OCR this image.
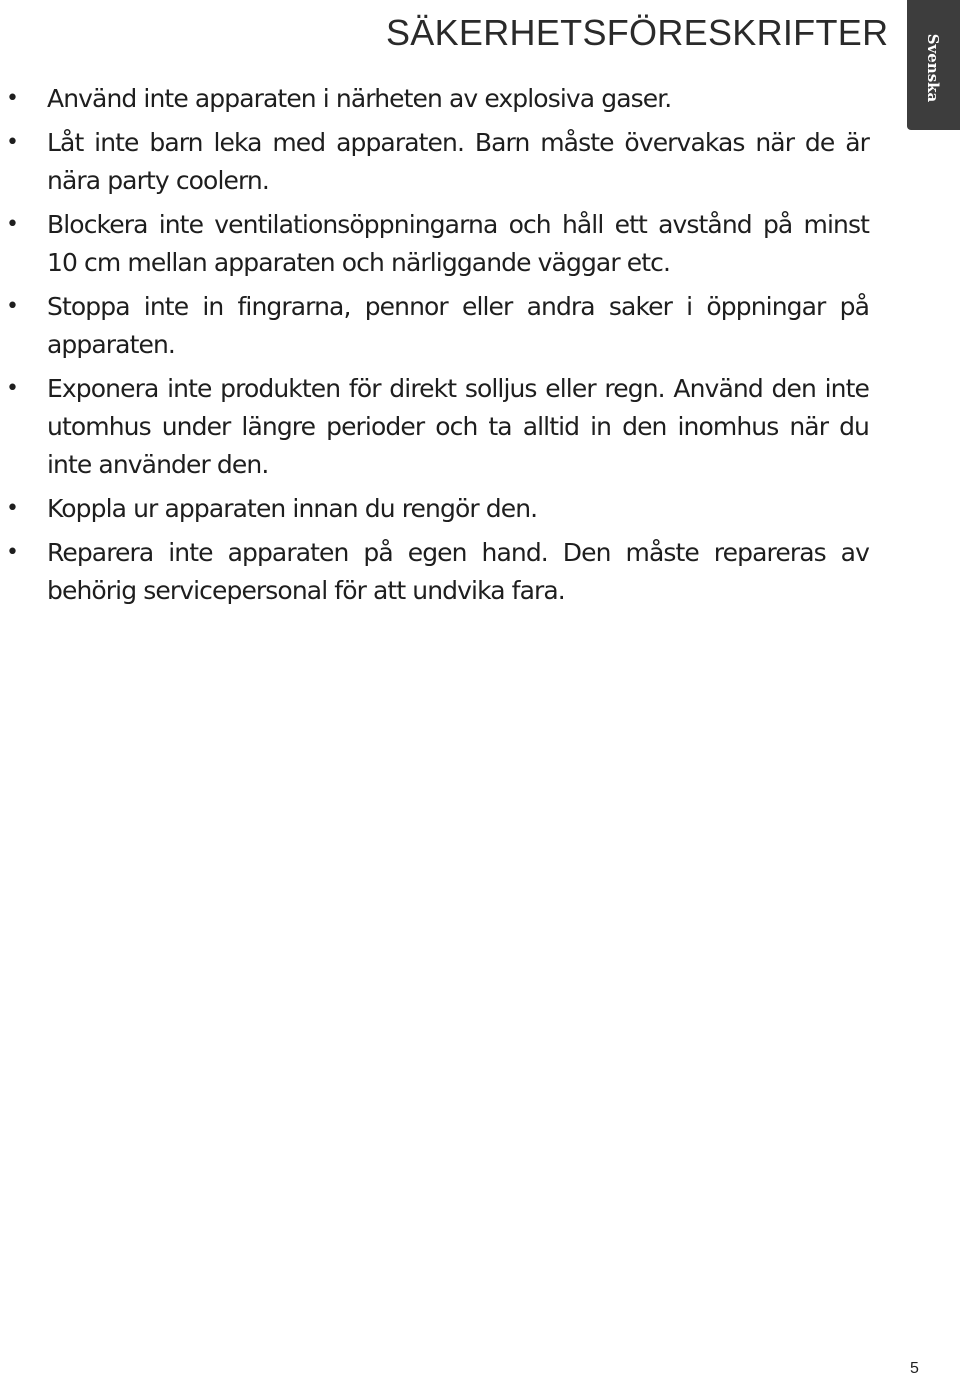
SÄKERHETSFÖRESKRIFTER
Svenska
• Använd inte apparaten i närheten av explosiva gaser.
• Låt inte barn leka med apparaten. Barn måste övervakas när de är nära party coolern.
• Blockera inte ventilationsöppningarna och håll ett avstånd på minst 10 cm mellan apparaten och närliggande väggar etc.
• Stoppa inte in fingrarna, pennor eller andra saker i öppningar på apparaten.
• Exponera inte produkten för direkt solljus eller regn. Använd den inte utomhus under längre perioder och ta alltid in den inomhus när du inte använder den.
• Koppla ur apparaten innan du rengör den.
• Reparera inte apparaten på egen hand. Den måste repareras av behörig servicepersonal för att undvika fara.
5
